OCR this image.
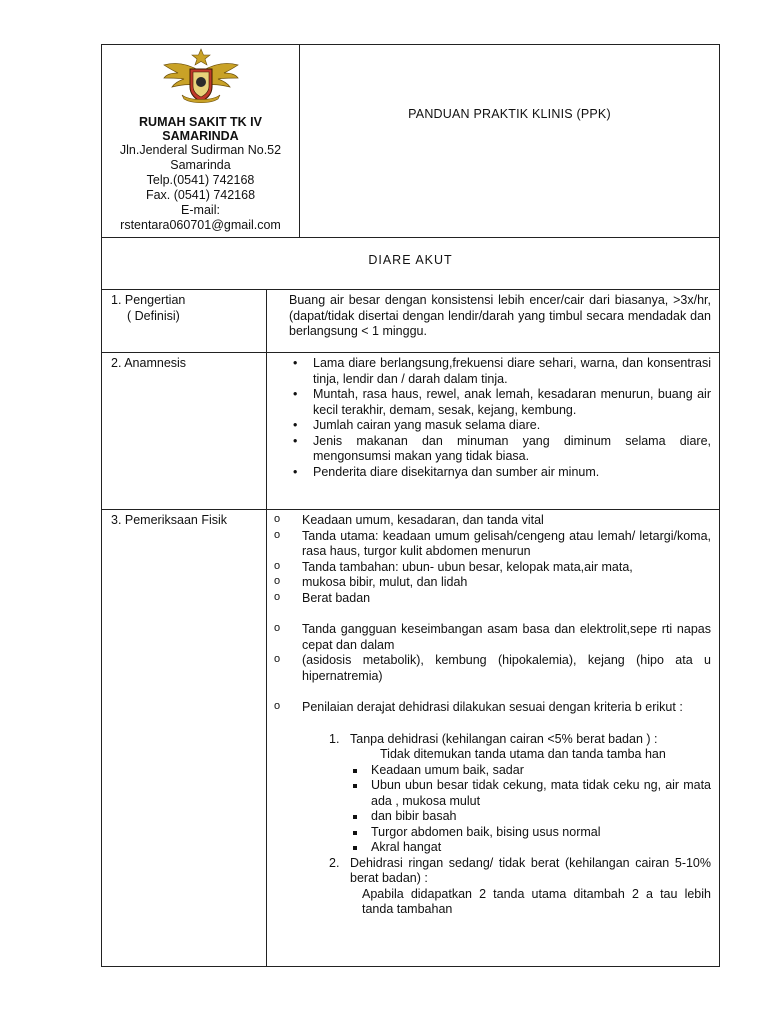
RUMAH SAKIT TK IV
SAMARINDA
Jln.Jenderal Sudirman No.52
Samarinda
Telp.(0541) 742168
Fax. (0541) 742168
E-mail:
rstentara060701@gmail.com
PANDUAN PRAKTIK KLINIS (PPK)
DIARE AKUT
1. Pengertian
( Definisi)
Buang air besar dengan konsistensi lebih encer/cair dari biasanya, >3x/hr, (dapat/tidak disertai dengan lendir/darah yang timbul secara mendadak dan berlangsung < 1 minggu.
2. Anamnesis	• Lama diare berlangsung,frekuensi diare sehari, warna, dan konsentrasi tinja, lendir dan / darah dalam tinja.
• Muntah, rasa haus, rewel, anak lemah, kesadaran menurun, buang air kecil terakhir, demam, sesak, kejang, kembung.
• Jumlah cairan yang masuk selama diare.
• Jenis makanan dan minuman yang diminum selama diare, mengonsumsi makan yang tidak biasa.
• Penderita diare disekitarnya dan sumber air minum.
3. Pemeriksaan Fisik	o Keadaan umum, kesadaran, dan tanda vital
o Tanda utama: keadaan umum gelisah/cengeng atau lemah/ letargi/koma, rasa haus, turgor kulit abdomen menurun
o Tanda tambahan: ubun- ubun besar, kelopak mata,air mata,
o mukosa bibir, mulut, dan lidah
o Berat badan
o Tanda gangguan keseimbangan asam basa dan elektrolit,sepe rti napas cepat dan dalam
o (asidosis metabolik), kembung (hipokalemia), kejang (hipo ata u hipernatremia)
o Penilaian derajat dehidrasi dilakukan sesuai dengan kriteria b erikut :
1. Tanpa dehidrasi (kehilangan cairan <5% berat badan ) :
Tidak ditemukan tanda utama dan tanda tamba han
Keadaan umum baik, sadar
Ubun ubun besar tidak cekung, mata tidak ceku ng, air mata ada , mukosa mulut
dan bibir basah
Turgor abdomen baik, bising usus normal
Akral hangat
2. Dehidrasi ringan sedang/ tidak berat (kehilangan cairan 5-10% berat badan) :
Apabila didapatkan 2 tanda utama ditambah 2 a tau lebih tanda tambahan
